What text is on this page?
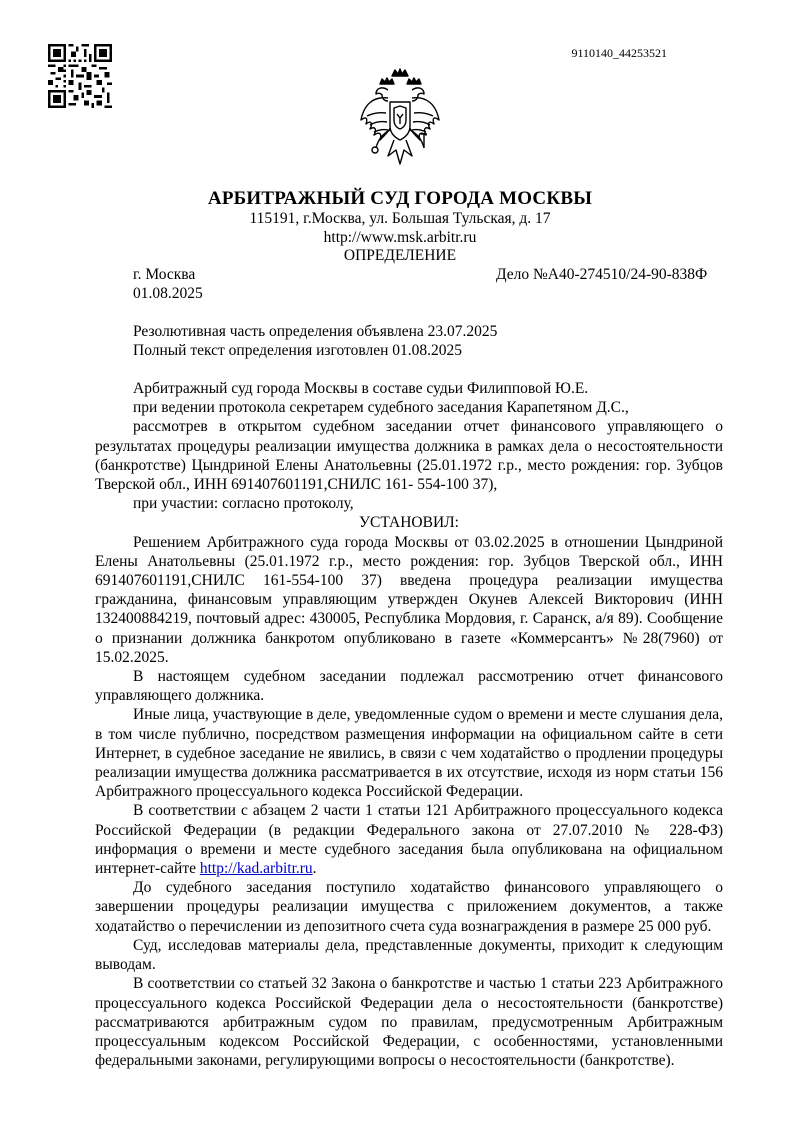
9110140_44253521
АРБИТРАЖНЫЙ СУД ГОРОДА МОСКВЫ
115191, г.Москва, ул. Большая Тульская, д. 17
http://www.msk.arbitr.ru
ОПРЕДЕЛЕНИЕ
г. Москва	Дело №А40-274510/24-90-838Ф
01.08.2025
Резолютивная часть определения объявлена 23.07.2025
Полный текст определения изготовлен 01.08.2025

Арбитражный суд города Москвы в составе судьи Филипповой Ю.Е.

при ведении протокола секретарем судебного заседания Карапетяном Д.С.,

рассмотрев в открытом судебном заседании отчет финансового управляющего о результатах процедуры реализации имущества должника в рамках дела о несостоятельности (банкротстве) Цындриной Елены Анатольевны (25.01.1972 г.р., место рождения: гор. Зубцов Тверской обл., ИНН 691407601191,СНИЛС 161- 554-100 37),

при участии: согласно протоколу,

УСТАНОВИЛ:

Решением Арбитражного суда города Москвы от 03.02.2025 в отношении Цындриной Елены Анатольевны (25.01.1972 г.р., место рождения: гор. Зубцов Тверской обл., ИНН 691407601191,СНИЛС 161-554-100 37) введена процедура реализации имущества гражданина, финансовым управляющим утвержден Окунев Алексей Викторович (ИНН 132400884219, почтовый адрес: 430005, Республика Мордовия, г. Саранск, а/я 89). Сообщение о признании должника банкротом опубликовано в газете «Коммерсантъ» №28(7960) от 15.02.2025.

В настоящем судебном заседании подлежал рассмотрению отчет финансового управляющего должника.

Иные лица, участвующие в деле, уведомленные судом о времени и месте слушания дела, в том числе публично, посредством размещения информации на официальном сайте в сети Интернет, в судебное заседание не явились, в связи с чем ходатайство о продлении процедуры реализации имущества должника рассматривается в их отсутствие, исходя из норм статьи 156 Арбитражного процессуального кодекса Российской Федерации.

В соответствии с абзацем 2 части 1 статьи 121 Арбитражного процессуального кодекса Российской Федерации (в редакции Федерального закона от 27.07.2010 № 228-ФЗ) информация о времени и месте судебного заседания была опубликована на официальном интернет-сайте http://kad.arbitr.ru.

До судебного заседания поступило ходатайство финансового управляющего о завершении процедуры реализации имущества с приложением документов, а также ходатайство о перечислении из депозитного счета суда вознаграждения в размере 25 000 руб.

Суд, исследовав материалы дела, представленные документы, приходит к следующим выводам.

В соответствии со статьей 32 Закона о банкротстве и частью 1 статьи 223 Арбитражного процессуального кодекса Российской Федерации дела о несостоятельности (банкротстве) рассматриваются арбитражным судом по правилам, предусмотренным Арбитражным процессуальным кодексом Российской Федерации, с особенностями, установленными федеральными законами, регулирующими вопросы о несостоятельности (банкротстве).
